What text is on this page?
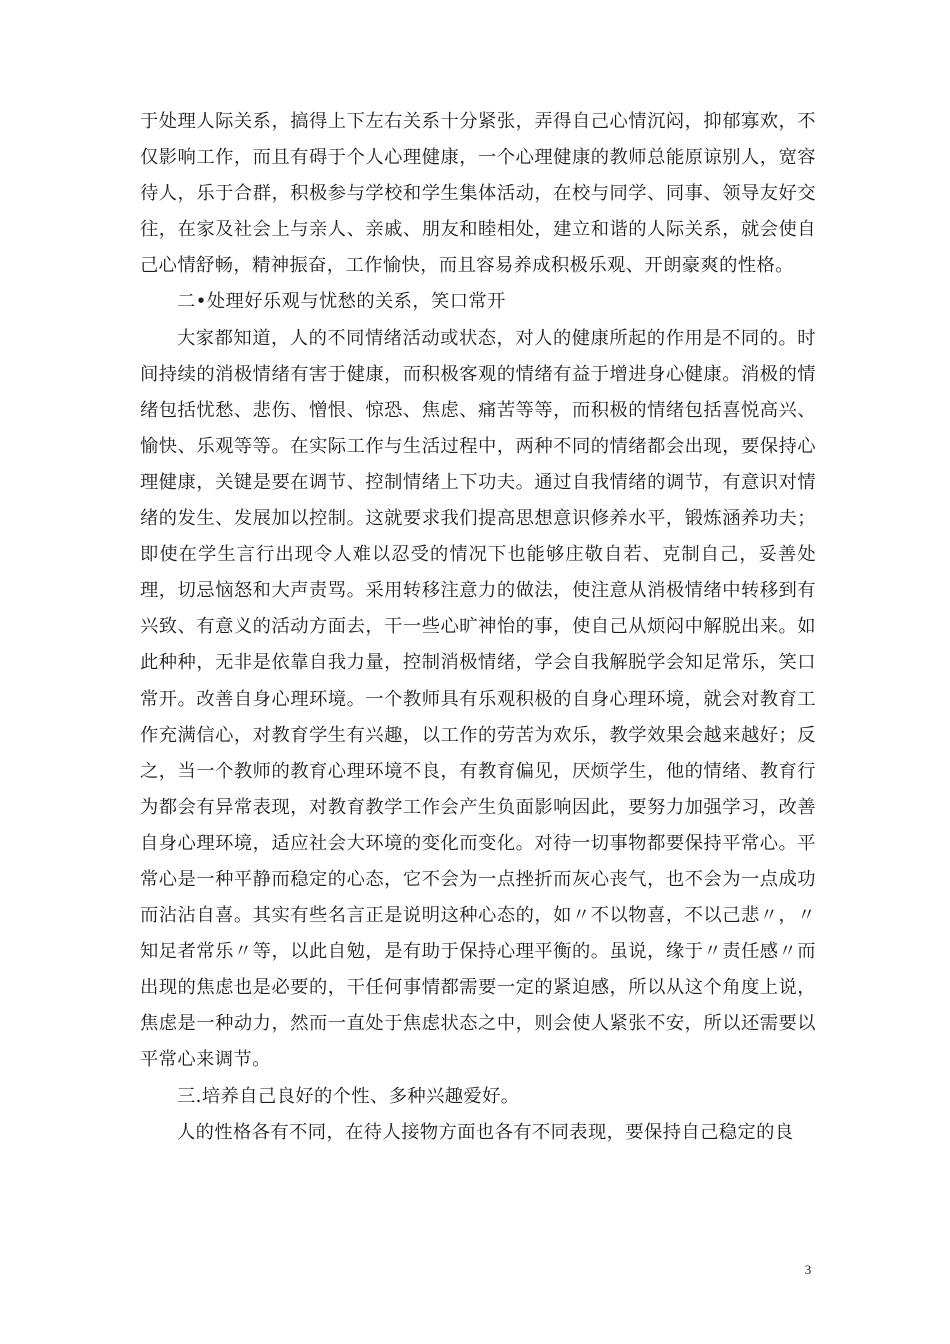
于处理人际关系，搞得上下左右关系十分紧张，弄得自己心情沉闷，抑郁寡欢，不仅影响工作，而且有碍于个人心理健康，一个心理健康的教师总能原谅别人，宽容待人，乐于合群，积极参与学校和学生集体活动，在校与同学、同事、领导友好交往，在家及社会上与亲人、亲戚、朋友和睦相处，建立和谐的人际关系，就会使自己心情舒畅，精神振奋，工作愉快，而且容易养成积极乐观、开朗豪爽的性格。

二•处理好乐观与忧愁的关系，笑口常开

大家都知道，人的不同情绪活动或状态，对人的健康所起的作用是不同的。时间持续的消极情绪有害于健康，而积极客观的情绪有益于增进身心健康。消极的情绪包括忧愁、悲伤、憎恨、惊恐、焦虑、痛苦等等，而积极的情绪包括喜悦高兴、愉快、乐观等等。在实际工作与生活过程中，两种不同的情绪都会出现，要保持心理健康，关键是要在调节、控制情绪上下功夫。通过自我情绪的调节，有意识对情绪的发生、发展加以控制。这就要求我们提高思想意识修养水平，锻炼涵养功夫；即使在学生言行出现令人难以忍受的情况下也能够庄敬自若、克制自己，妥善处理，切忌恼怒和大声责骂。采用转移注意力的做法，使注意从消极情绪中转移到有兴致、有意义的活动方面去，干一些心旷神怡的事，使自己从烦闷中解脱出来。如此种种，无非是依靠自我力量，控制消极情绪，学会自我解脱学会知足常乐，笑口常开。改善自身心理环境。一个教师具有乐观积极的自身心理环境，就会对教育工作充满信心，对教育学生有兴趣，以工作的劳苦为欢乐，教学效果会越来越好；反之，当一个教师的教育心理环境不良，有教育偏见，厌烦学生，他的情绪、教育行为都会有异常表现，对教育教学工作会产生负面影响因此，要努力加强学习，改善自身心理环境，适应社会大环境的变化而变化。对待一切事物都要保持平常心。平常心是一种平静而稳定的心态，它不会为一点挫折而灰心丧气，也不会为一点成功而沾沾自喜。其实有些名言正是说明这种心态的，如〃不以物喜，不以己悲〃，〃知足者常乐〃等，以此自勉，是有助于保持心理平衡的。虽说，缘于〃责任感〃而出现的焦虑也是必要的，干任何事情都需要一定的紧迫感，所以从这个角度上说，焦虑是一种动力，然而一直处于焦虑状态之中，则会使人紧张不安，所以还需要以平常心来调节。

三.培养自己良好的个性、多种兴趣爱好。

人的性格各有不同，在待人接物方面也各有不同表现，要保持自己稳定的良

3
